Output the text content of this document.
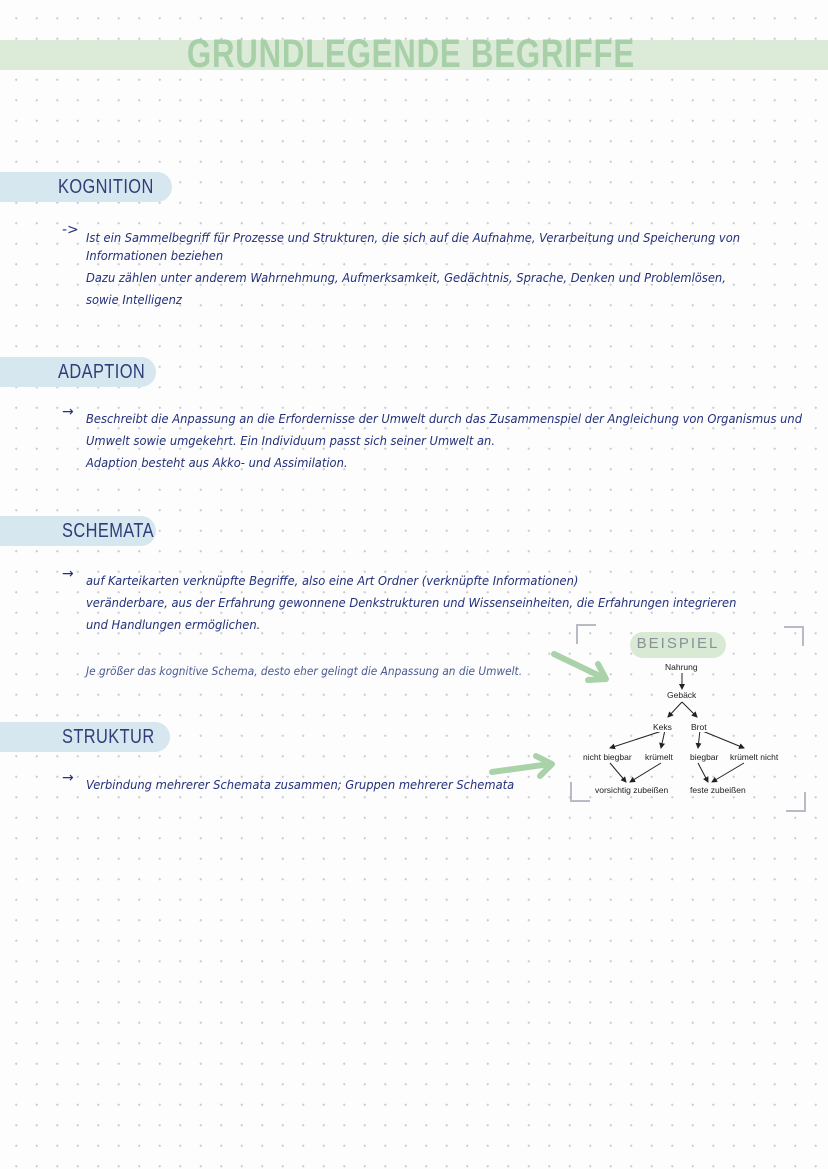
GRUNDLEGENDE BEGRIFFE
KOGNITION
-> Ist ein Sammelbegriff für Prozesse und Strukturen, die sich auf die Aufnahme, Verarbeitung und Speicherung von
Informationen beziehen
Dazu zählen unter anderem Wahrnehmung, Aufmerksamkeit, Gedächtnis, Sprache, Denken und Problemlösen,
sowie Intelligenz
ADAPTION
→ Beschreibt die Anpassung an die Erfordernisse der Umwelt durch das Zusammenspiel der Angleichung von Organismus und
Umwelt sowie umgekehrt. Ein Individuum passt sich seiner Umwelt an.
Adaption besteht aus Akko- und Assimilation.
SCHEMATA
→ auf Karteikarten verknüpfte Begriffe, also eine Art Ordner (verknüpfte Informationen)
veränderbare, aus der Erfahrung gewonnene Denkstrukturen und Wissenseinheiten, die Erfahrungen integrieren
und Handlungen ermöglichen.
Je größer das kognitive Schema, desto eher gelingt die Anpassung an die Umwelt.
STRUKTUR
→ Verbindung mehrerer Schemata zusammen; Gruppen mehrerer Schemata
BEISPIEL
Nahrung
Gebäck
Keks Brot
nicht biegbar krümelt biegbar krümelt nicht
vorsichtig zubeißen	feste zubeißen
